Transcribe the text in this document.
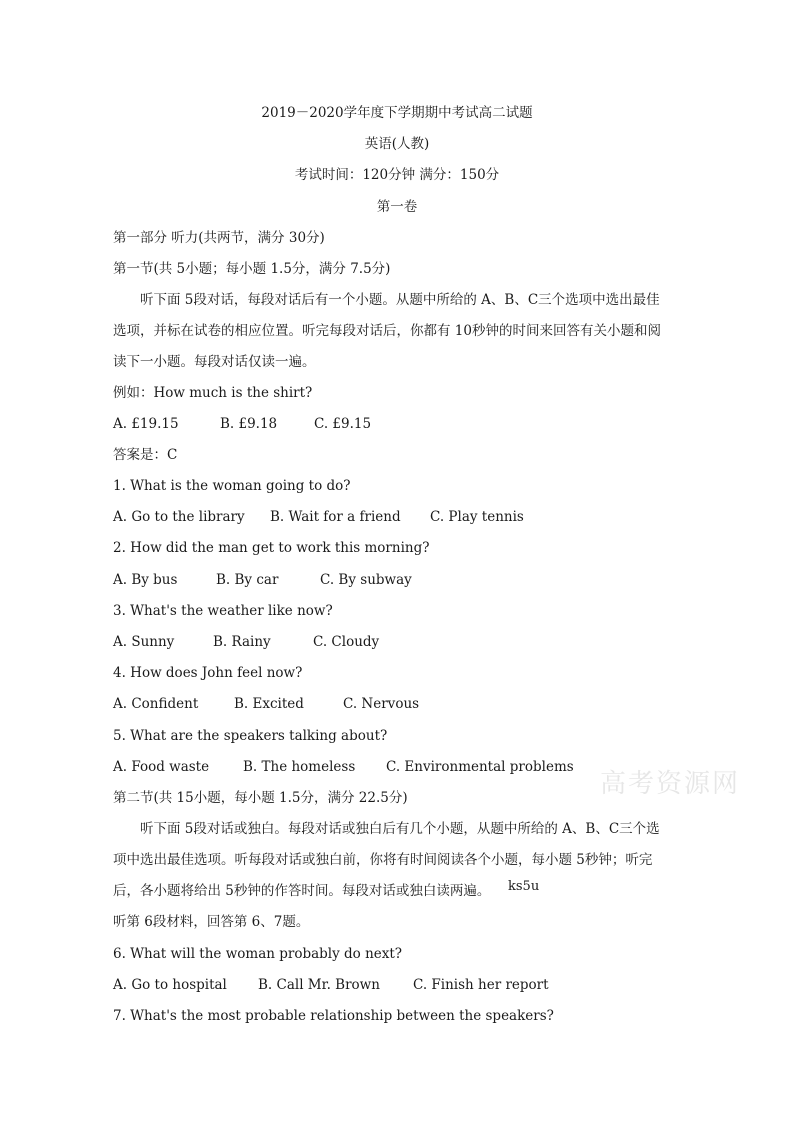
2019－2020学年度下学期期中考试高二试题
英语(人教)
考试时间：120分钟 满分：150分
第一卷
第一部分 听力(共两节，满分 30分)
第一节(共 5小题；每小题 1.5分，满分 7.5分)
听下面 5段对话，每段对话后有一个小题。从题中所给的 A、B、C三个选项中选出最佳
选项，并标在试卷的相应位置。听完每段对话后，你都有 10秒钟的时间来回答有关小题和阅
读下一小题。每段对话仅读一遍。
例如：How much is the shirt?
A. £19.15	B. £9.18	C. £9.15
答案是：C
1. What is the woman going to do?
A. Go to the library B. Wait for a friend C. Play tennis
2. How did the man get to work this morning?
A. By bus	B. By car	C. By subway
3. What's the weather like now?
A. Sunny	B. Rainy	C. Cloudy
4. How does John feel now?
A. Confident	B. Excited	C. Nervous
5. What are the speakers talking about?
A. Food waste	B. The homeless C. Environmental problems
高考资源网
第二节(共 15小题，每小题 1.5分，满分 22.5分)
听下面 5段对话或独白。每段对话或独白后有几个小题，从题中所给的 A、B、C三个选
项中选出最佳选项。听每段对话或独白前，你将有时间阅读各个小题，每小题 5秒钟；听完
后，各小题将给出 5秒钟的作答时间。每段对话或独白读两遍。 ks5u
听第 6段材料，回答第 6、7题。
6. What will the woman probably do next?
A. Go to hospital B. Call Mr. Brown C. Finish her report
7. What's the most probable relationship between the speakers?
